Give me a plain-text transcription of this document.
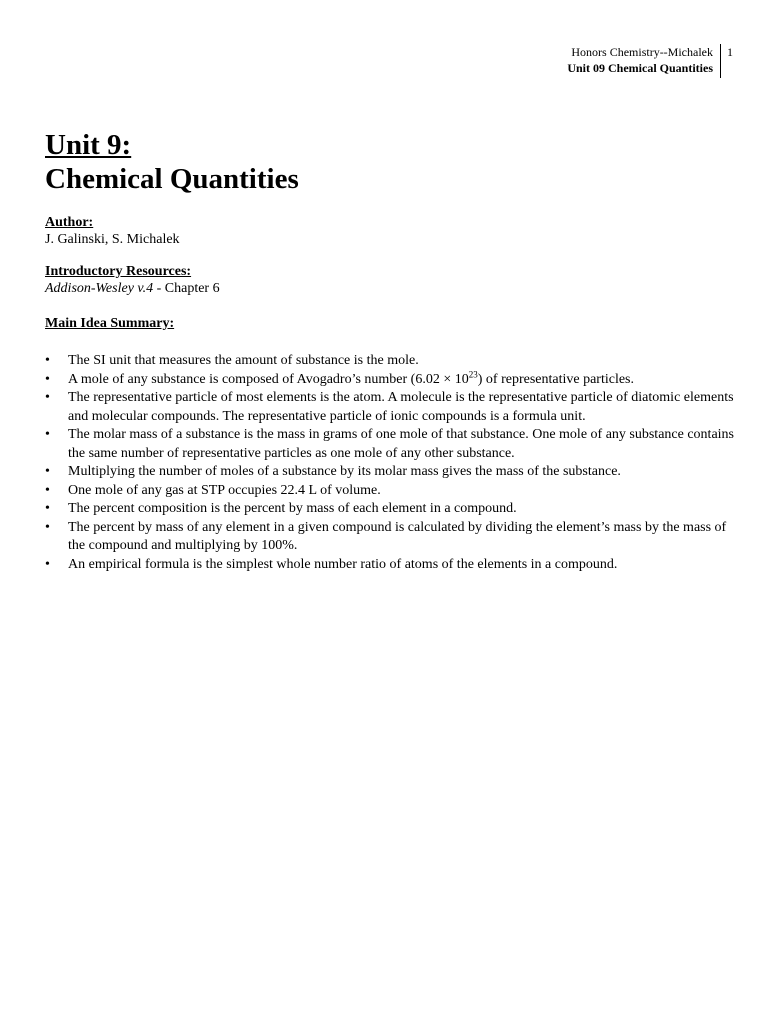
Honors Chemistry--Michalek
Unit 09 Chemical Quantities
1
Unit 9:
Chemical Quantities
Author:
J. Galinski, S. Michalek
Introductory Resources:
Addison-Wesley v.4 - Chapter 6
Main Idea Summary:
• The SI unit that measures the amount of substance is the mole.
• A mole of any substance is composed of Avogadro’s number $(6.02 \times 10^{23})$ of representative particles.
• The representative particle of most elements is the atom. A molecule is the representative particle of diatomic elements and molecular compounds. The representative particle of ionic compounds is a formula unit.
• The molar mass of a substance is the mass in grams of one mole of that substance. One mole of any substance contains the same number of representative particles as one mole of any other substance.
• Multiplying the number of moles of a substance by its molar mass gives the mass of the substance.
• One mole of any gas at STP occupies 22.4 L of volume.
• The percent composition is the percent by mass of each element in a compound.
• The percent by mass of any element in a given compound is calculated by dividing the element’s mass by the mass of the compound and multiplying by 100%.
• An empirical formula is the simplest whole number ratio of atoms of the elements in a compound.
